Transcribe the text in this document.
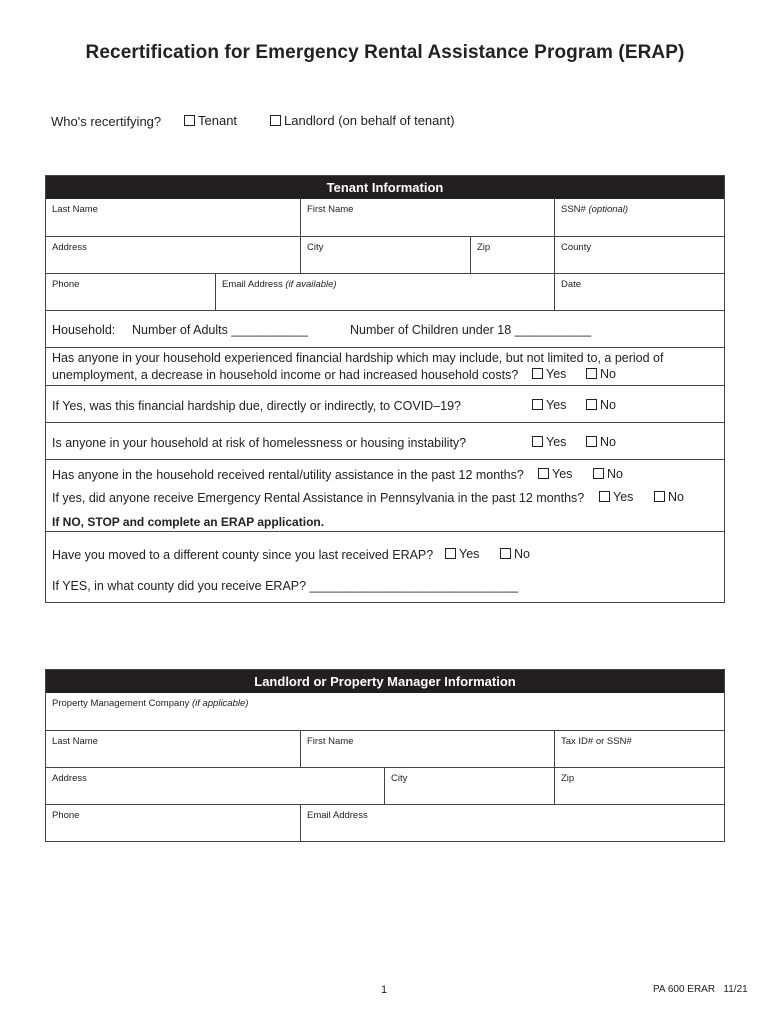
Recertification for Emergency Rental Assistance Program (ERAP)
Who's recertifying?	Tenant	Landlord (on behalf of tenant)
Tenant Information
Last Name	First Name	SSN# (optional)
Address	City	Zip	County
Phone	Email Address (if available)	Date
Household: Number of Adults ___________	Number of Children under 18 ___________
Has anyone in your household experienced financial hardship which may include, but not limited to, a period of
unemployment, a decrease in household income or had increased household costs?	Yes	No
If Yes, was this financial hardship due, directly or indirectly, to COVID–19?	Yes	No
Is anyone in your household at risk of homelessness or housing instability?	Yes	No
Has anyone in the household received rental/utility assistance in the past 12 months?	Yes	No
If yes, did anyone receive Emergency Rental Assistance in Pennsylvania in the past 12 months?	Yes	No
If NO, STOP and complete an ERAP application.
Have you moved to a different county since you last received ERAP?	Yes	No
If YES, in what county did you receive ERAP? ______________________________
Landlord or Property Manager Information
Property Management Company (if applicable)
Last Name	First Name	Tax ID# or SSN#
Address	City	Zip
Phone	Email Address
1	PA 600 ERAR 11/21
